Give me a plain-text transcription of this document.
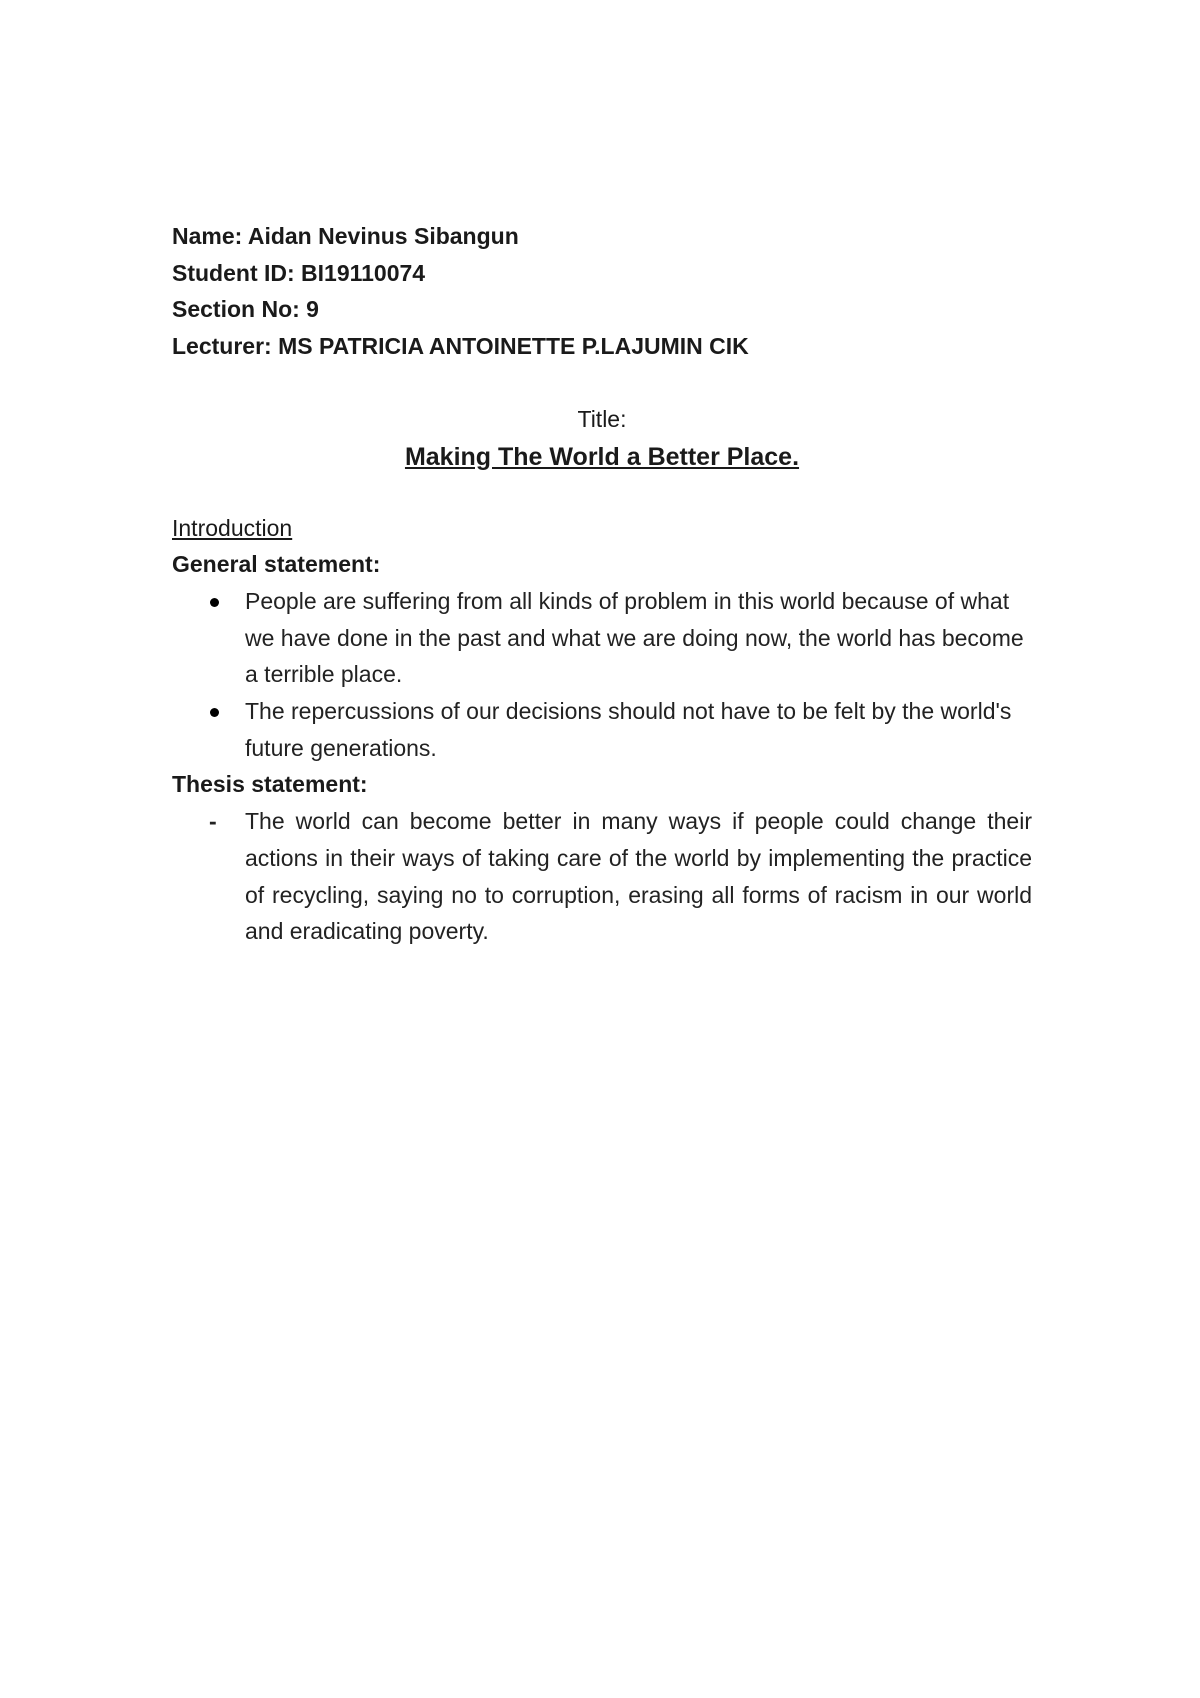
Name: Aidan Nevinus Sibangun

Student ID: BI19110074

Section No: 9

Lecturer: MS PATRICIA ANTOINETTE P.LAJUMIN CIK

Title:
Making The World a Better Place.
Introduction
General statement:
People are suffering from all kinds of problem in this world because of what we have done in the past and what we are doing now, the world has become a terrible place.
The repercussions of our decisions should not have to be felt by the world's future generations.
Thesis statement:
- The world can become better in many ways if people could change their actions in their ways of taking care of the world by implementing the practice of recycling, saying no to corruption, erasing all forms of racism in our world and eradicating poverty.
